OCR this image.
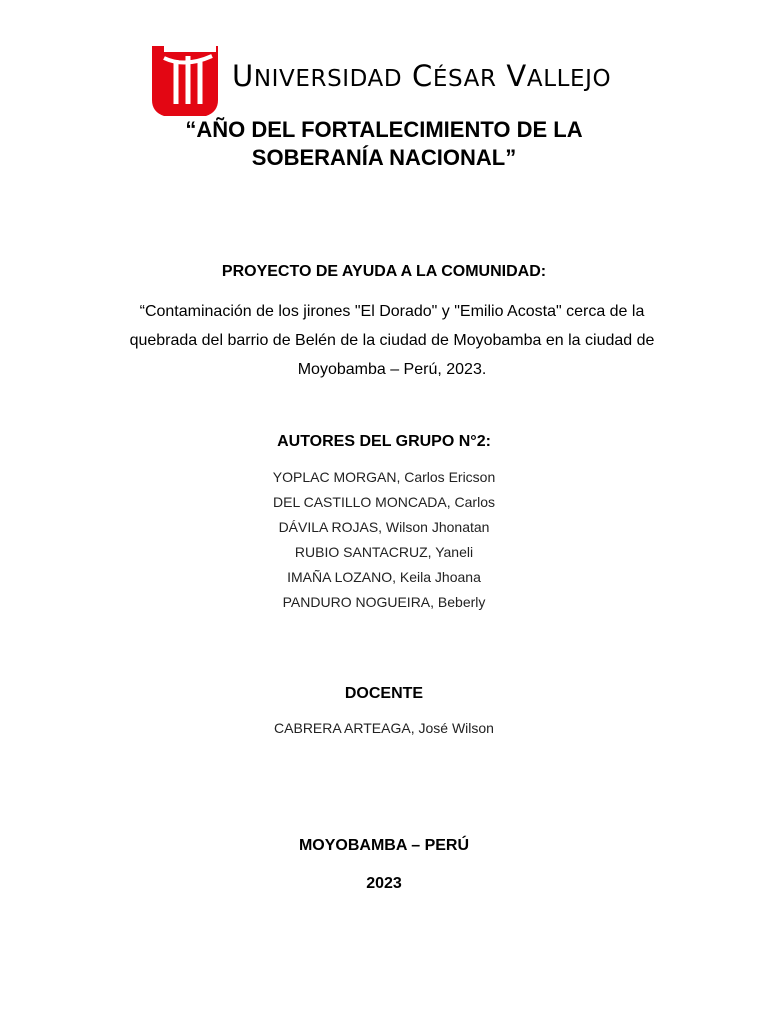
UNIVERSIDAD CÉSAR VALLEJO
“AÑO DEL FORTALECIMIENTO DE LA
SOBERANÍA NACIONAL”
PROYECTO DE AYUDA A LA COMUNIDAD:
“Contaminación de los jirones "El Dorado" y "Emilio Acosta" cerca de la quebrada del barrio de Belén de la ciudad de Moyobamba en la ciudad de Moyobamba – Perú, 2023.
AUTORES DEL GRUPO N°2:
YOPLAC MORGAN, Carlos Ericson
DEL CASTILLO MONCADA, Carlos
DÁVILA ROJAS, Wilson Jhonatan
RUBIO SANTACRUZ, Yaneli
IMAÑA LOZANO, Keila Jhoana
PANDURO NOGUEIRA, Beberly
DOCENTE
CABRERA ARTEAGA, José Wilson
MOYOBAMBA – PERÚ
2023
